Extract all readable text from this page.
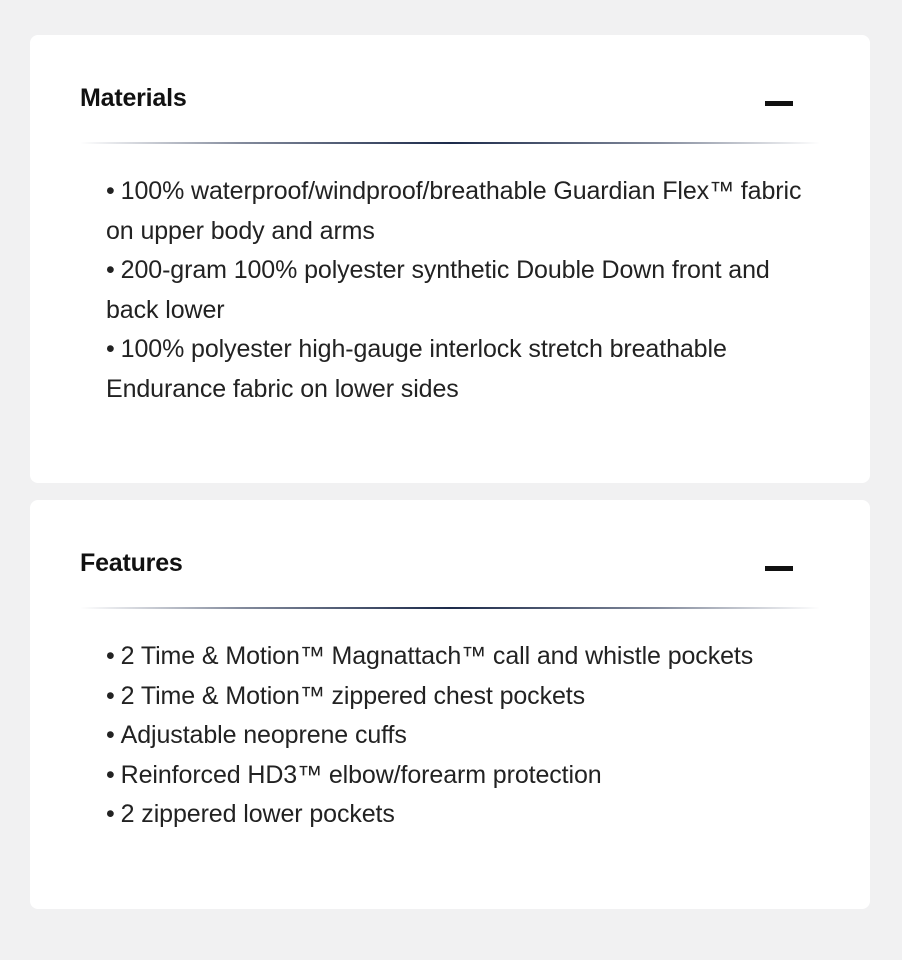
Materials
• 100% waterproof/windproof/breathable Guardian Flex™ fabric on upper body and arms
• 200-gram 100% polyester synthetic Double Down front and back lower
• 100% polyester high-gauge interlock stretch breathable Endurance fabric on lower sides
Features
• 2 Time & Motion™ Magnattach™ call and whistle pockets
• 2 Time & Motion™ zippered chest pockets
• Adjustable neoprene cuffs
• Reinforced HD3™ elbow/forearm protection
• 2 zippered lower pockets
